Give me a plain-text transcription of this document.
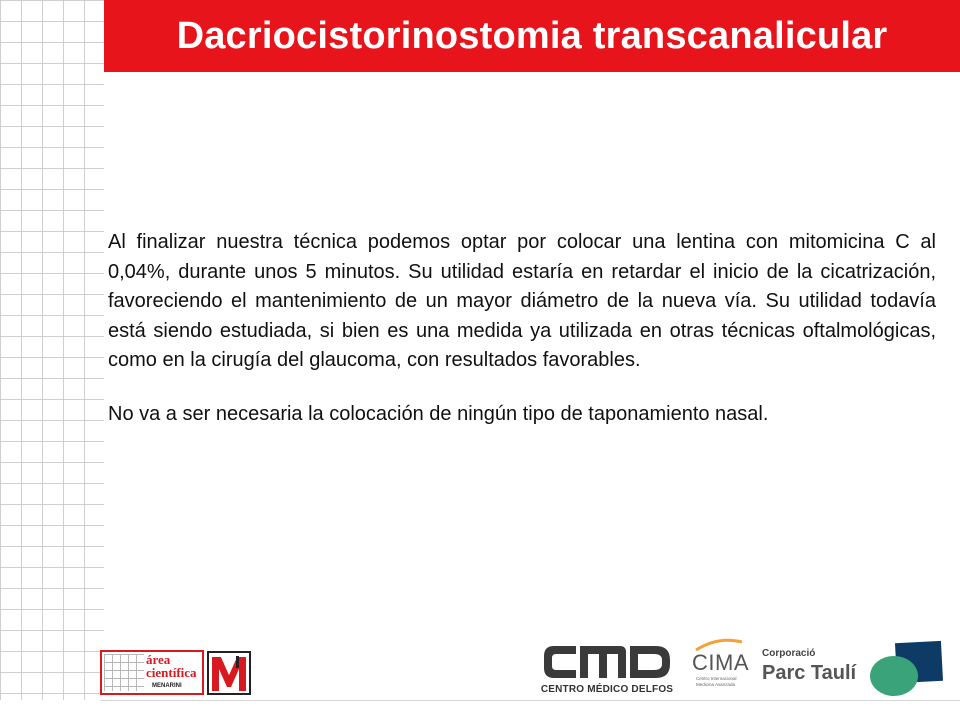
Dacriocistorinostomia transcanalicular

Al finalizar nuestra técnica podemos optar por colocar una lentina con mitomicina C al 0,04%, durante unos 5 minutos. Su utilidad estaría en retardar el inicio de la cicatrización, favoreciendo el mantenimiento de un mayor diámetro de la nueva vía. Su utilidad todavía está siendo estudiada, si bien es una medida ya utilizada en otras técnicas oftalmológicas, como en la cirugía del glaucoma, con resultados favorables.

No va a ser necesaria la colocación de ningún tipo de taponamiento nasal.

área
científica
MENARINI	CENTRO MÉDICO DELFOS
CIMA
Centro Internacional Medicina Avanzada
Corporació
Parc Taulí
